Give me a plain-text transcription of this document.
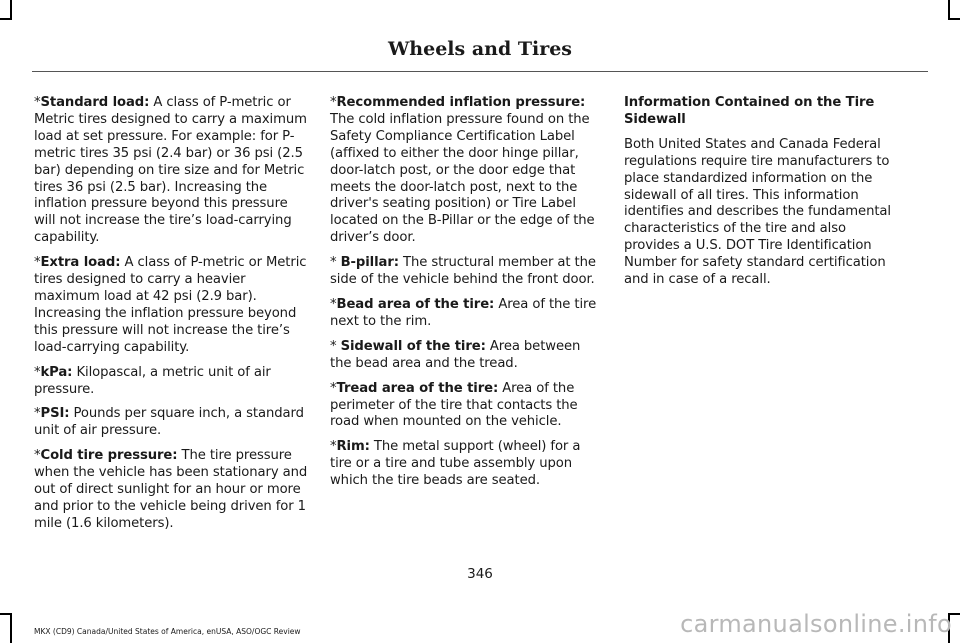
Wheels and Tires

*Standard load: A class of P-metric or Metric tires designed to carry a maximum load at set pressure. For example: for P-metric tires 35 psi (2.4 bar) or 36 psi (2.5 bar) depending on tire size and for Metric tires 36 psi (2.5 bar). Increasing the inflation pressure beyond this pressure will not increase the tire’s load-carrying capability.

*Extra load: A class of P-metric or Metric tires designed to carry a heavier maximum load at 42 psi (2.9 bar). Increasing the inflation pressure beyond this pressure will not increase the tire’s load-carrying capability.

*kPa: Kilopascal, a metric unit of air pressure.

*PSI: Pounds per square inch, a standard unit of air pressure.

*Cold tire pressure: The tire pressure when the vehicle has been stationary and out of direct sunlight for an hour or more and prior to the vehicle being driven for 1 mile (1.6 kilometers).

*Recommended inflation pressure: The cold inflation pressure found on the Safety Compliance Certification Label (affixed to either the door hinge pillar, door-latch post, or the door edge that meets the door-latch post, next to the driver's seating position) or Tire Label located on the B-Pillar or the edge of the driver’s door.

* B-pillar: The structural member at the side of the vehicle behind the front door.

*Bead area of the tire: Area of the tire next to the rim.

* Sidewall of the tire: Area between the bead area and the tread.

*Tread area of the tire: Area of the perimeter of the tire that contacts the road when mounted on the vehicle.

*Rim: The metal support (wheel) for a tire or a tire and tube assembly upon which the tire beads are seated.

Information Contained on the Tire Sidewall

Both United States and Canada Federal regulations require tire manufacturers to place standardized information on the sidewall of all tires. This information identifies and describes the fundamental characteristics of the tire and also provides a U.S. DOT Tire Identification Number for safety standard certification and in case of a recall.

346
MKX (CD9) Canada/United States of America, enUSA, ASO/OGC Review	carmanualsonline.info
